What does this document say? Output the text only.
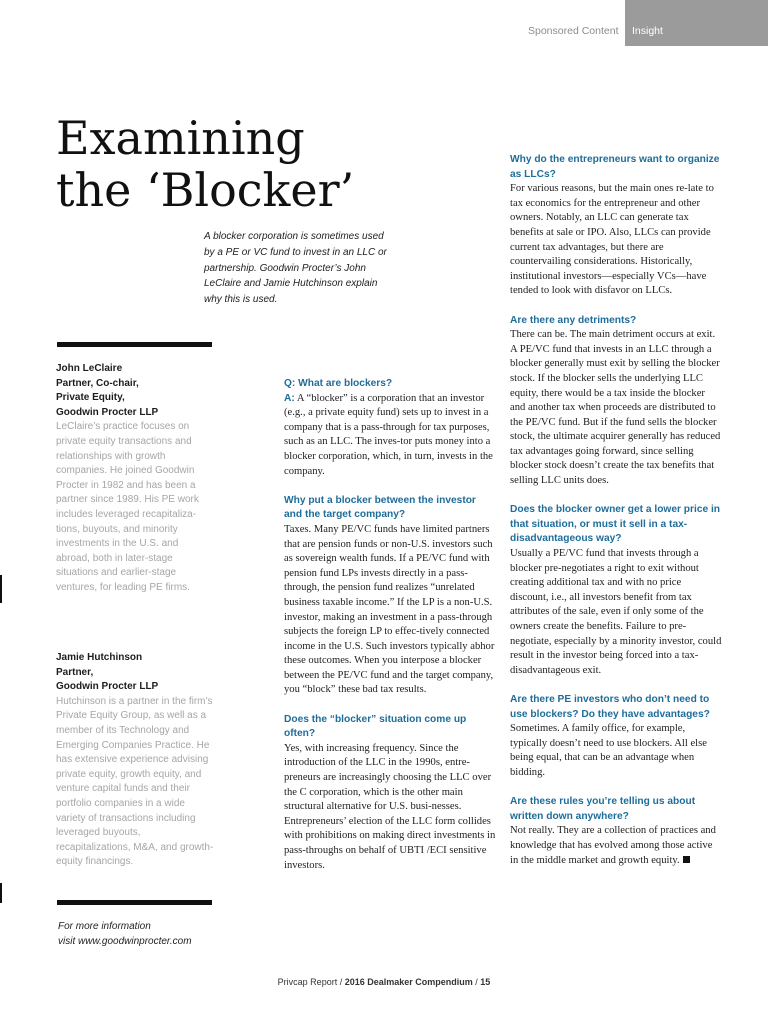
Sponsored Content	Insight
Examining
the ‘Blocker’

A blocker corporation is sometimes used by a PE or VC fund to invest in an LLC or partnership. Goodwin Procter’s John LeClaire and Jamie Hutchinson explain why this is used.

John LeClaire
Partner, Co-chair,
Private Equity,
Goodwin Procter LLP
LeClaire’s practice focuses on private equity transactions and relationships with growth companies. He joined Goodwin Procter in 1982 and has been a partner since 1989. His PE work includes leveraged recapitaliza-tions, buyouts, and minority investments in the U.S. and abroad, both in later-stage situations and earlier-stage ventures, for leading PE firms.
Jamie Hutchinson
Partner,
Goodwin Procter LLP
Hutchinson is a partner in the firm’s Private Equity Group, as well as a member of its Technology and Emerging Companies Practice. He has extensive experience advising private equity, growth equity, and venture capital funds and their portfolio companies in a wide variety of transactions including leveraged buyouts, recapitalizations, M&A, and growth-equity financings.
For more information
visit www.goodwinprocter.com
Q: What are blockers?
A: A “blocker” is a corporation that an investor (e.g., a private equity fund) sets up to invest in a company that is a pass-through for tax purposes, such as an LLC. The inves-tor puts money into a blocker corporation, which, in turn, invests in the company.
Why put a blocker between the investor and the target company?
Taxes. Many PE/VC funds have limited partners that are pension funds or non-U.S. investors such as sovereign wealth funds. If a PE/VC fund with pension fund LPs invests directly in a pass-through, the pension fund realizes “unrelated business taxable income.” If the LP is a non-U.S. investor, making an investment in a pass-through subjects the foreign LP to effec-tively connected income in the U.S. Such investors typically abhor these outcomes. When you interpose a blocker between the PE/VC fund and the target company, you “block” these bad tax results.
Does the “blocker” situation come up often?
Yes, with increasing frequency. Since the introduction of the LLC in the 1990s, entre-preneurs are increasingly choosing the LLC over the C corporation, which is the other main structural alternative for U.S. busi-nesses. Entrepreneurs’ election of the LLC form collides with prohibitions on making direct investments in pass-throughs on behalf of UBTI /ECI sensitive investors.
Why do the entrepreneurs want to organize as LLCs?
For various reasons, but the main ones re-late to tax economics for the entrepreneur and other owners. Notably, an LLC can generate tax benefits at sale or IPO. Also, LLCs can provide current tax advantages, but there are countervailing considerations. Historically, institutional investors—especially VCs—have tended to look with disfavor on LLCs.
Are there any detriments?
There can be. The main detriment occurs at exit. A PE/VC fund that invests in an LLC through a blocker generally must exit by selling the blocker stock. If the blocker sells the underlying LLC equity, there would be a tax inside the blocker and another tax when proceeds are distributed to the PE/VC fund. But if the fund sells the blocker stock, the ultimate acquirer generally has reduced tax advantages going forward, since selling blocker stock doesn’t create the tax benefits that selling LLC units does.
Does the blocker owner get a lower price in that situation, or must it sell in a tax-disadvantageous way?
Usually a PE/VC fund that invests through a blocker pre-negotiates a right to exit without creating additional tax and with no price discount, i.e., all investors benefit from tax attributes of the sale, even if only some of the owners create the benefits. Failure to pre-negotiate, especially by a minority investor, could result in the investor being forced into a tax-disadvantageous exit.
Are there PE investors who don’t need to use blockers? Do they have advantages?
Sometimes. A family office, for example, typically doesn’t need to use blockers. All else being equal, that can be an advantage when bidding.
Are these rules you’re telling us about written down anywhere?
Not really. They are a collection of practices and knowledge that has evolved among those active in the middle market and growth equity.
Privcap Report / 2016 Dealmaker Compendium / 15
